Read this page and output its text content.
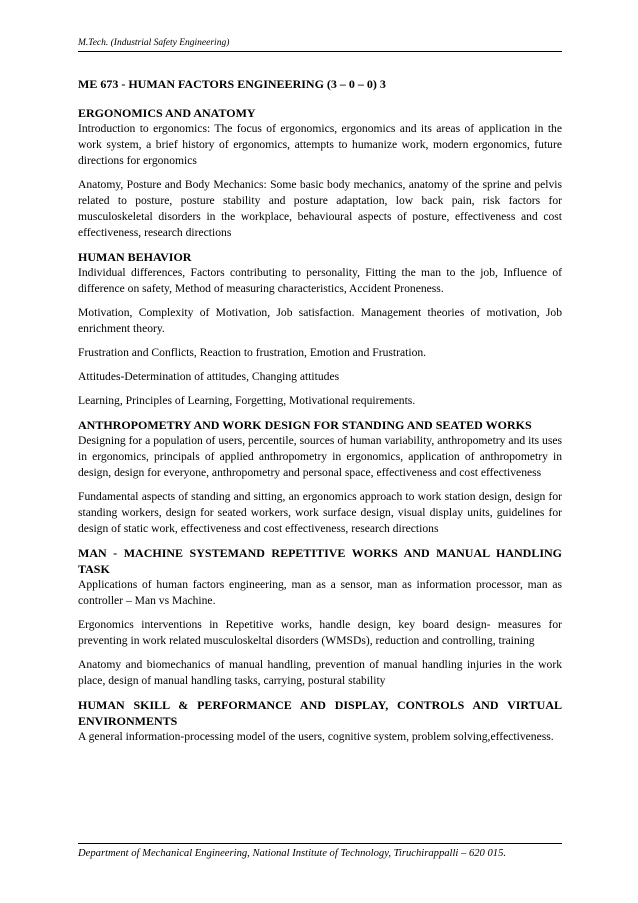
M.Tech. (Industrial Safety Engineering)
ME 673 - HUMAN FACTORS ENGINEERING (3 – 0 – 0) 3
ERGONOMICS AND ANATOMY

Introduction to ergonomics: The focus of ergonomics, ergonomics and its areas of application in the work system, a brief history of ergonomics, attempts to humanize work, modern ergonomics, future directions for ergonomics

Anatomy, Posture and Body Mechanics: Some basic body mechanics, anatomy of the sprine and pelvis related to posture, posture stability and posture adaptation, low back pain, risk factors for musculoskeletal disorders in the workplace, behavioural aspects of posture, effectiveness and cost effectiveness, research directions

HUMAN BEHAVIOR

Individual differences, Factors contributing to personality, Fitting the man to the job, Influence of difference on safety, Method of measuring characteristics, Accident Proneness.

Motivation, Complexity of Motivation, Job satisfaction. Management theories of motivation, Job enrichment theory.

Frustration and Conflicts, Reaction to frustration, Emotion and Frustration.

Attitudes-Determination of attitudes, Changing attitudes

Learning, Principles of Learning, Forgetting, Motivational requirements.

ANTHROPOMETRY AND WORK DESIGN FOR STANDING AND SEATED WORKS

Designing for a population of users, percentile, sources of human variability, anthropometry and its uses in ergonomics, principals of applied anthropometry in ergonomics, application of anthropometry in design, design for everyone, anthropometry and personal space, effectiveness and cost effectiveness

Fundamental aspects of standing and sitting, an ergonomics approach to work station design, design for standing workers, design for seated workers, work surface design, visual display units, guidelines for design of static work, effectiveness and cost effectiveness, research directions

MAN - MACHINE SYSTEMAND REPETITIVE WORKS AND MANUAL HANDLING TASK

Applications of human factors engineering, man as a sensor, man as information processor, man as controller – Man vs Machine.

Ergonomics interventions in Repetitive works, handle design, key board design- measures for preventing in work related musculoskeltal disorders (WMSDs), reduction and controlling, training

Anatomy and biomechanics of manual handling, prevention of manual handling injuries in the work place, design of manual handling tasks, carrying, postural stability

HUMAN SKILL & PERFORMANCE AND DISPLAY, CONTROLS AND VIRTUAL ENVIRONMENTS

A general information-processing model of the users, cognitive system, problem solving,effectiveness.

Department of Mechanical Engineering, National Institute of Technology, Tiruchirappalli – 620 015.
